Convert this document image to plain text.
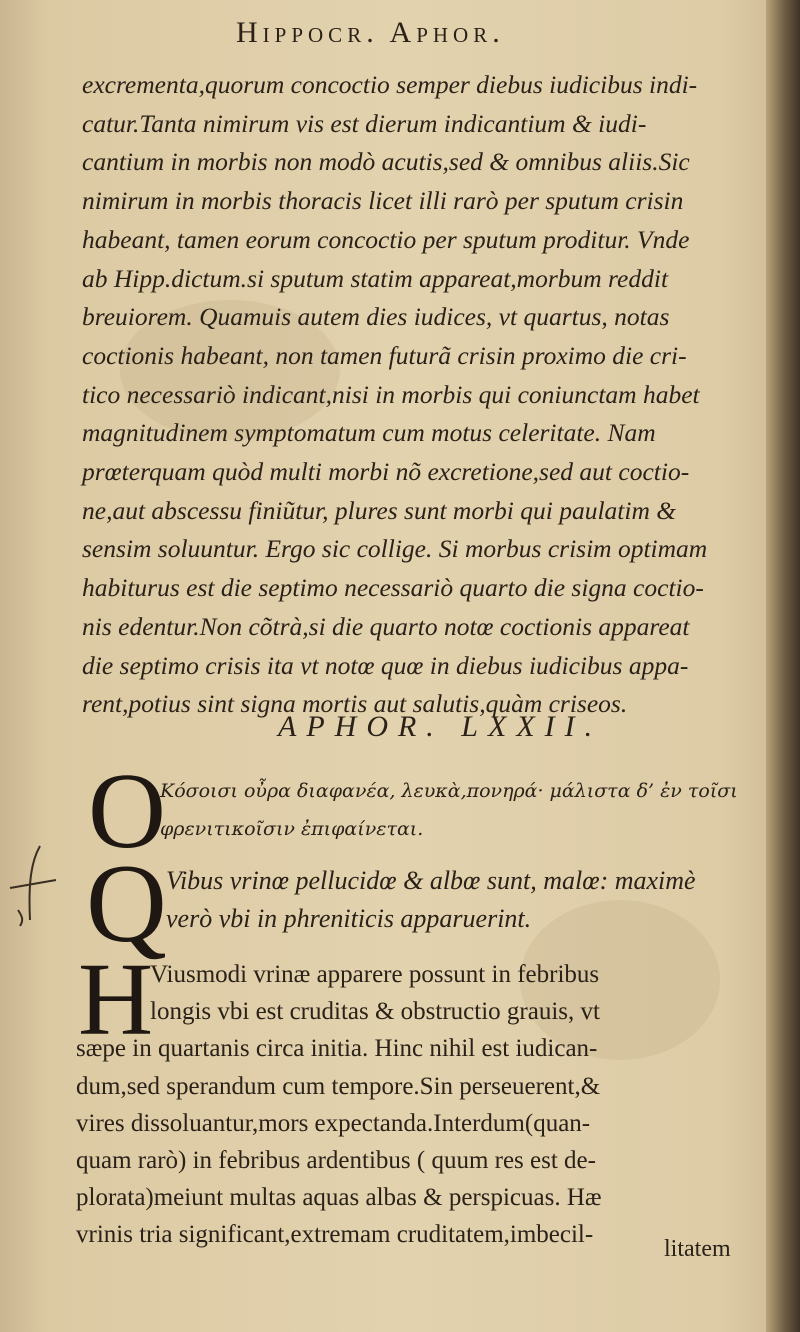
Hippocr. Aphor.
excrementa,quorum concoctio semper diebus iudicibus indi-
catur.Tanta nimirum vis est dierum indicantium & iudi-
cantium in morbis non modò acutis,sed & omnibus aliis.Sic
nimirum in morbis thoracis licet illi rarò per sputum crisin
habeant, tamen eorum concoctio per sputum proditur. Vnde
ab Hipp.dictum.si sputum statim appareat,morbum reddit
breuiorem. Quamuis autem dies iudices, vt quartus, notas
coctionis habeant, non tamen futurã crisin proximo die cri-
tico necessariò indicant,nisi in morbis qui coniunctam habet
magnitudinem symptomatum cum motus celeritate. Nam
prœterquam quòd multi morbi nõ excretione,sed aut coctio-
ne,aut abscessu finiũtur, plures sunt morbi qui paulatim &
sensim soluuntur. Ergo sic collige. Si morbus crisim optimam
habiturus est die septimo necessariò quarto die signa coctio-
nis edentur.Non cõtrà,si die quarto notœ coctionis appareat
die septimo crisis ita vt notœ quœ in diebus iudicibus appa-
rent,potius sint signa mortis aut salutis,quàm criseos.
APHOR. LXXII.
O
Κόσοισι οὖρα διαφανέα, λευκὰ,πονηρά· μάλιστα δ’ ἐν τοῖσι
φρενιτικοῖσιν ἐπιφαίνεται.
Q Vibus vrinœ pellucidœ & albœ sunt, malœ: maximè
verò vbi in phreniticis apparuerint.
H
Viusmodi vrinæ apparere possunt in febribus
longis vbi est cruditas & obstructio grauis, vt
sæpe in quartanis circa initia. Hinc nihil est iudican-
dum,sed sperandum cum tempore.Sin perseuerent,&
vires dissoluantur,mors expectanda.Interdum(quan-
quam rarò) in febribus ardentibus ( quum res est de-
plorata)meiunt multas aquas albas & perspicuas. Hæ
vrinis tria significant,extremam cruditatem,imbecil-
litatem
